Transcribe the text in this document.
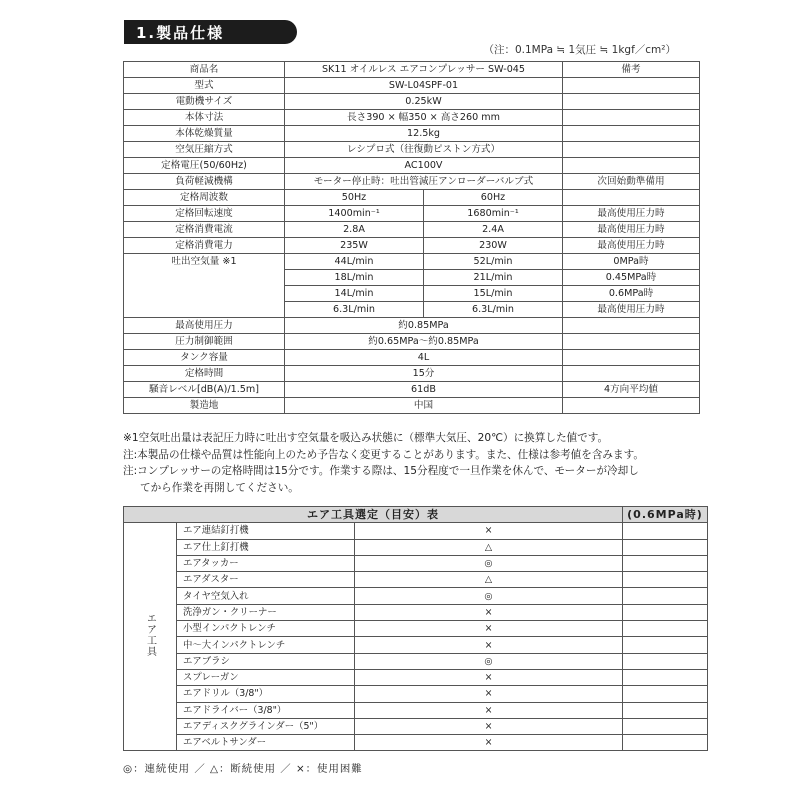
1.製品仕様
（注：0.1MPa ≒ 1気圧 ≒ 1kgf／cm²）
商品名	SK11 オイルレス エアコンプレッサー SW-045		備考
型式	SW-L04SPF-01		
電動機サイズ	0.25kW		
本体寸法	長さ390 × 幅350 × 高さ260 mm		
本体乾燥質量	12.5kg		
空気圧縮方式	レシプロ式（往復動ピストン方式）		
定格電圧(50/60Hz)	AC100V		
負荷軽減機構	モーター停止時：吐出管減圧アンローダーバルブ式		次回始動準備用
定格周波数	50Hz	60Hz	
定格回転速度	1400min⁻¹	1680min⁻¹	最高使用圧力時
定格消費電流	2.8A	2.4A	最高使用圧力時
定格消費電力	235W	230W	最高使用圧力時
吐出空気量 ※1	44L/min	52L/min	0MPa時
	18L/min	21L/min	0.45MPa時
	14L/min	15L/min	0.6MPa時
	6.3L/min	6.3L/min	最高使用圧力時
最高使用圧力	約0.85MPa		
圧力制御範囲	約0.65MPa〜約0.85MPa		
タンク容量	4L		
定格時間	15分		
騒音レベル[dB(A)/1.5m]	61dB		4方向平均値
製造地	中国		
※1空気吐出量は表記圧力時に吐出す空気量を吸込み状態に（標準大気圧、20℃）に換算した値です。
注:本製品の仕様や品質は性能向上のため予告なく変更することがあります。また、仕様は参考値を含みます。
注:コンプレッサーの定格時間は15分です。作業する際は、15分程度で一旦作業を休んで、モーターが冷却し
てから作業を再開してください。
エア工具選定（目安）表			(0.6MPa時)
エア工具	エア連結釘打機	×	
	エア仕上釘打機	△	
	エアタッカー	◎	
	エアダスター	△	
	タイヤ空気入れ	◎	
	洗浄ガン・クリーナー	×	
	小型インパクトレンチ	×	
	中〜大インパクトレンチ	×	
	エアブラシ	◎	
	スプレーガン	×	
	エアドリル（3/8"）	×	
	エアドライバー（3/8"）	×	
	エアディスクグラインダー（5"）	×	
	エアベルトサンダー	×	
◎：連続使用 ／ △：断続使用 ／ ×：使用困難
